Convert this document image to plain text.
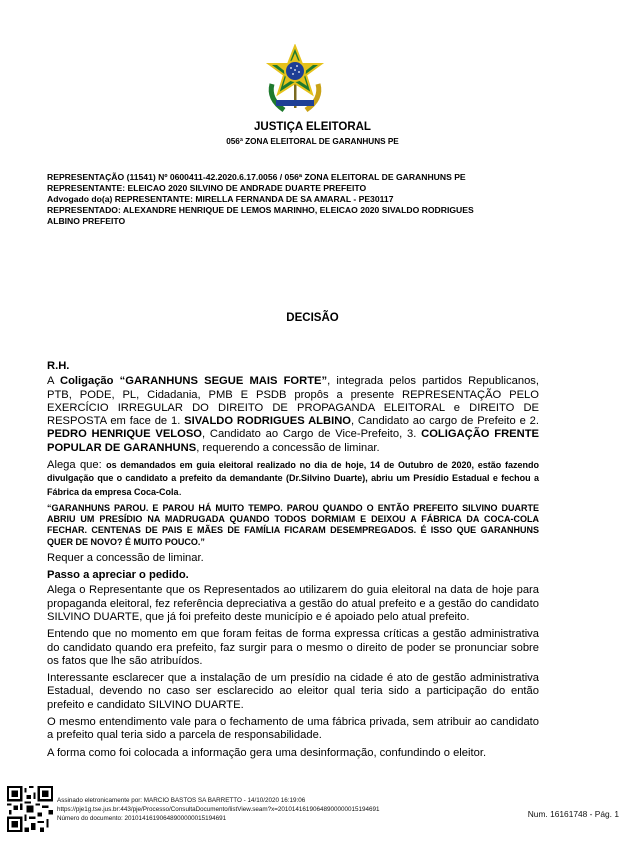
JUSTIÇA ELEITORAL
056ª ZONA ELEITORAL DE GARANHUNS PE
REPRESENTAÇÃO (11541) Nº 0600411-42.2020.6.17.0056 / 056ª ZONA ELEITORAL DE GARANHUNS PE
REPRESENTANTE: ELEICAO 2020 SILVINO DE ANDRADE DUARTE PREFEITO
Advogado do(a) REPRESENTANTE: MIRELLA FERNANDA DE SA AMARAL - PE30117
REPRESENTADO: ALEXANDRE HENRIQUE DE LEMOS MARINHO, ELEICAO 2020 SIVALDO RODRIGUES
ALBINO PREFEITO
DECISÃO

R.H.

A Coligação “GARANHUNS SEGUE MAIS FORTE”, integrada pelos partidos Republicanos, PTB, PODE, PL, Cidadania, PMB E PSDB propôs a presente REPRESENTAÇÃO PELO EXERCÍCIO IRREGULAR DO DIREITO DE PROPAGANDA ELEITORAL e DIREITO DE RESPOSTA em face de 1. SIVALDO RODRIGUES ALBINO, Candidato ao cargo de Prefeito e 2. PEDRO HENRIQUE VELOSO, Candidato ao Cargo de Vice-Prefeito, 3. COLIGAÇÃO FRENTE POPULAR DE GARANHUNS, requerendo a concessão de liminar.

Alega que: os demandados em guia eleitoral realizado no dia de hoje, 14 de Outubro de 2020, estão fazendo divulgação que o candidato a prefeito da demandante (Dr.Silvino Duarte), abriu um Presídio Estadual e fechou a Fábrica da empresa Coca-Cola.

“GARANHUNS PAROU. E PAROU HÁ MUITO TEMPO. PAROU QUANDO O ENTÃO PREFEITO SILVINO DUARTE ABRIU UM PRESÍDIO NA MADRUGADA QUANDO TODOS DORMIAM E DEIXOU A FÁBRICA DA COCA-COLA FECHAR. CENTENAS DE PAIS E MÃES DE FAMÍLIA FICARAM DESEMPREGADOS. É ISSO QUE GARANHUNS QUER DE NOVO? É MUITO POUCO.”

Requer a concessão de liminar.

Passo a apreciar o pedido.

Alega o Representante que os Representados ao utilizarem do guia eleitoral na data de hoje para propaganda eleitoral, fez referência depreciativa a gestão do atual prefeito e a gestão do candidato SILVINO DUARTE, que já foi prefeito deste município e é apoiado pelo atual prefeito.

Entendo que no momento em que foram feitas de forma expressa críticas a gestão administrativa do candidato quando era prefeito, faz surgir para o mesmo o direito de poder se pronunciar sobre os fatos que lhe são atribuídos.

Interessante esclarecer que a instalação de um presídio na cidade é ato de gestão administrativa Estadual, devendo no caso ser esclarecido ao eleitor qual teria sido a participação do então prefeito e candidato SILVINO DUARTE.

O mesmo entendimento vale para o fechamento de uma fábrica privada, sem atribuir ao candidato a prefeito qual teria sido a parcela de responsabilidade.

A forma como foi colocada a informação gera uma desinformação, confundindo o eleitor.

Assinado eletronicamente por: MARCIO BASTOS SA BARRETTO - 14/10/2020 16:19:06
https://pje1g.tse.jus.br:443/pje/Processo/ConsultaDocumento/listView.seam?x=20101416190648900000015194691
Número do documento: 20101416190648900000015194691	Num. 16161748 - Pág. 1
